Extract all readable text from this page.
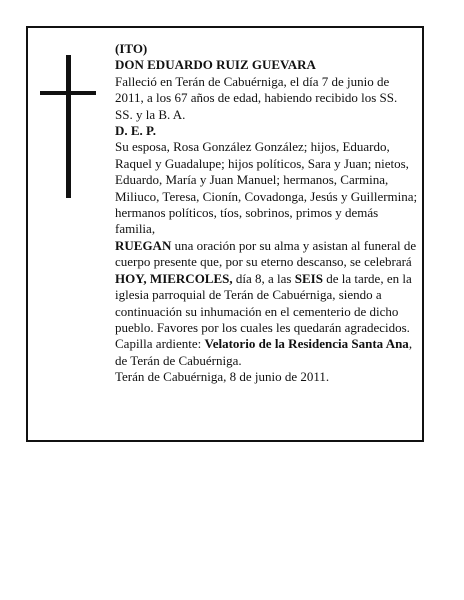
(ITO)

DON EDUARDO RUIZ GUEVARA

Falleció en Terán de Cabuérniga, el día 7 de junio de 2011, a los 67 años de edad, habiendo recibido los SS. SS. y la B. A.

D. E. P.

Su esposa, Rosa González González; hijos, Eduardo, Raquel y Guadalupe; hijos políticos, Sara y Juan; nietos, Eduardo, María y Juan Manuel; hermanos, Carmina, Miliuco, Teresa, Cionín, Covadonga, Jesús y Guillermina; hermanos políticos, tíos, sobrinos, primos y demás familia,

RUEGAN una oración por su alma y asistan al funeral de cuerpo presente que, por su eterno descanso, se celebrará HOY, MIERCOLES, día 8, a las SEIS de la tarde, en la iglesia parroquial de Terán de Cabuérniga, siendo a continuación su inhumación en el cementerio de dicho pueblo. Favores por los cuales les quedarán agradecidos. Capilla ardiente: Velatorio de la Residencia Santa Ana, de Terán de Cabuérniga.

Terán de Cabuérniga, 8 de junio de 2011.
